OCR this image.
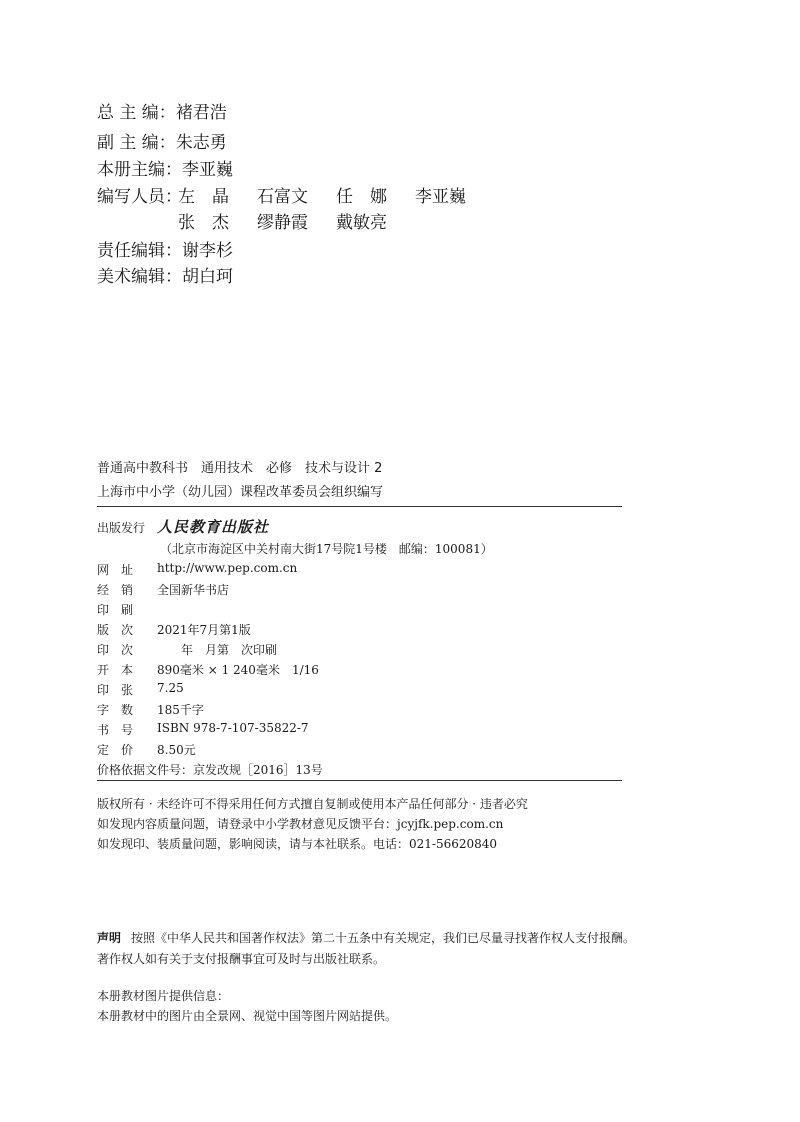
总 主 编：褚君浩
副 主 编：朱志勇
本册主编：李亚巍
编写人员：
左　晶 石富文 任　娜 李亚巍
张　杰 缪静霞 戴敏亮
责任编辑：谢李杉
美术编辑：胡白珂
普通高中教科书　通用技术　必修　技术与设计 2
上海市中小学（幼儿园）课程改革委员会组织编写
出版发行 人民教育出版社
（北京市海淀区中关村南大街17号院1号楼　邮编：100081）
网　址 http://www.pep.com.cn
经　销 全国新华书店
印　刷
版　次 2021年7月第1版
印　次 　　年　月第　次印刷
开　本 890毫米 × 1 240毫米　1/16
印　张 7.25
字　数 185千字
书　号 ISBN 978-7-107-35822-7
定　价 8.50元
价格依据文件号：京发改规［2016］13号
版权所有 · 未经许可不得采用任何方式擅自复制或使用本产品任何部分 · 违者必究
如发现内容质量问题，请登录中小学教材意见反馈平台：jcyjfk.pep.com.cn
如发现印、装质量问题，影响阅读，请与本社联系。电话：021-56620840
声明 按照《中华人民共和国著作权法》第二十五条中有关规定，我们已尽量寻找著作权人支付报酬。
著作权人如有关于支付报酬事宜可及时与出版社联系。
本册教材图片提供信息：
本册教材中的图片由全景网、视觉中国等图片网站提供。
